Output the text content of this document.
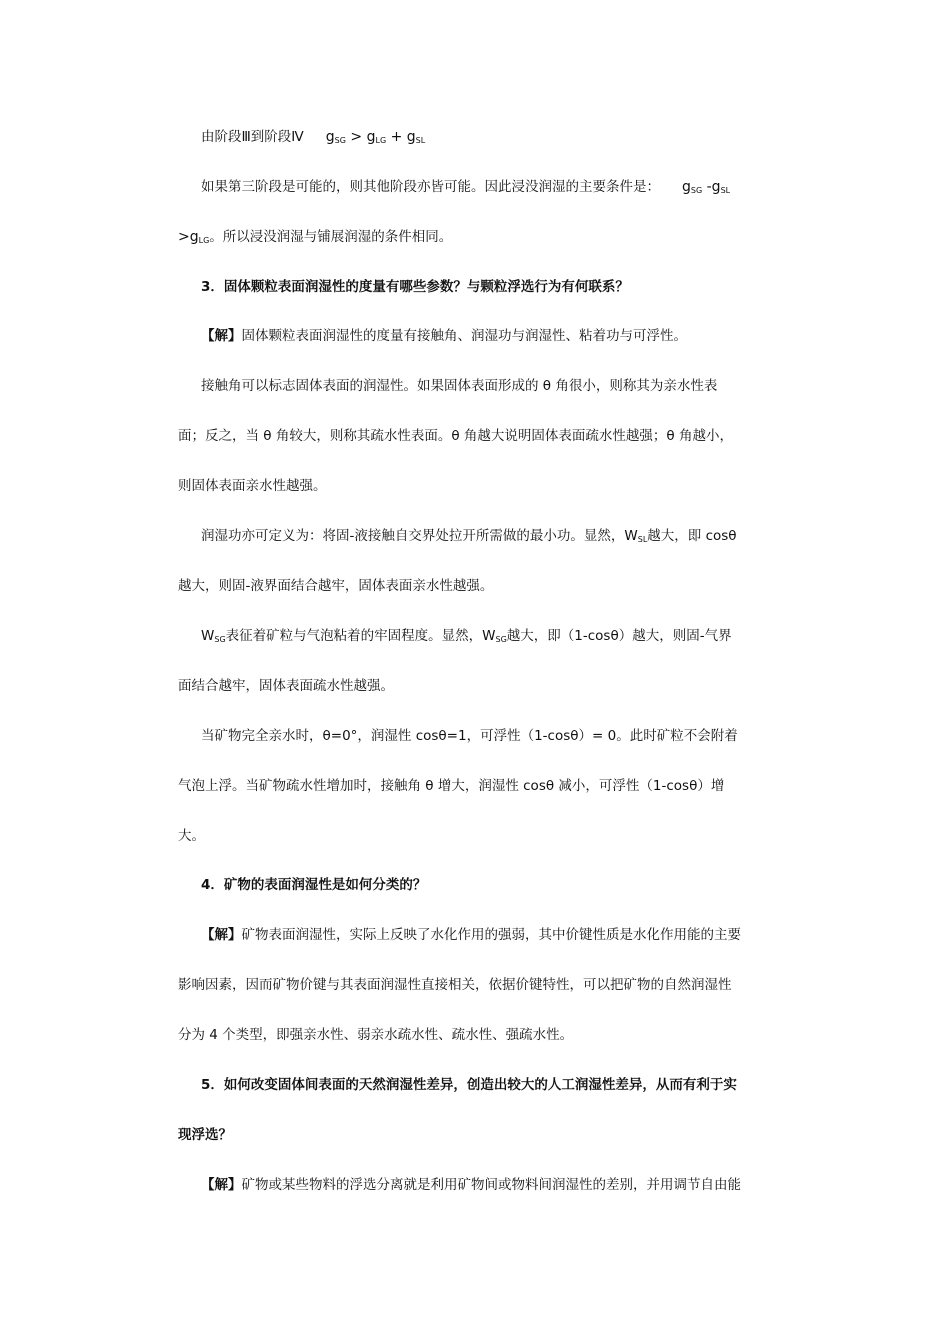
由阶段Ⅲ到阶段Ⅳ $g_{SG} > g_{LG} + g_{SL}$
如果第三阶段是可能的，则其他阶段亦皆可能。因此浸没润湿的主要条件是： $g_{SG}$ $-g_{SL}$
$>g_{LG}$。所以浸没润湿与铺展润湿的条件相同。
3．固体颗粒表面润湿性的度量有哪些参数？与颗粒浮选行为有何联系？
【解】固体颗粒表面润湿性的度量有接触角、润湿功与润湿性、粘着功与可浮性。
接触角可以标志固体表面的润湿性。如果固体表面形成的 θ 角很小，则称其为亲水性表
面；反之，当 θ 角较大，则称其疏水性表面。θ 角越大说明固体表面疏水性越强；θ 角越小，
则固体表面亲水性越强。
润湿功亦可定义为：将固-液接触自交界处拉开所需做的最小功。显然，$W_{SL}$越大，即 cosθ
越大，则固-液界面结合越牢，固体表面亲水性越强。
$W_{SG}$表征着矿粒与气泡粘着的牢固程度。显然，$W_{SG}$越大，即（1-cosθ）越大，则固-气界
面结合越牢，固体表面疏水性越强。
当矿物完全亲水时，θ=0°，润湿性 cosθ=1，可浮性（1-cosθ）= 0。此时矿粒不会附着
气泡上浮。当矿物疏水性增加时，接触角 θ 增大，润湿性 cosθ 减小，可浮性（1-cosθ）增
大。
4．矿物的表面润湿性是如何分类的？
【解】矿物表面润湿性，实际上反映了水化作用的强弱，其中价键性质是水化作用能的主要
影响因素，因而矿物价键与其表面润湿性直接相关，依据价键特性，可以把矿物的自然润湿性
分为 4 个类型，即强亲水性、弱亲水疏水性、疏水性、强疏水性。
5．如何改变固体间表面的天然润湿性差异，创造出较大的人工润湿性差异，从而有利于实
现浮选？
【解】矿物或某些物料的浮选分离就是利用矿物间或物料间润湿性的差别，并用调节自由能
